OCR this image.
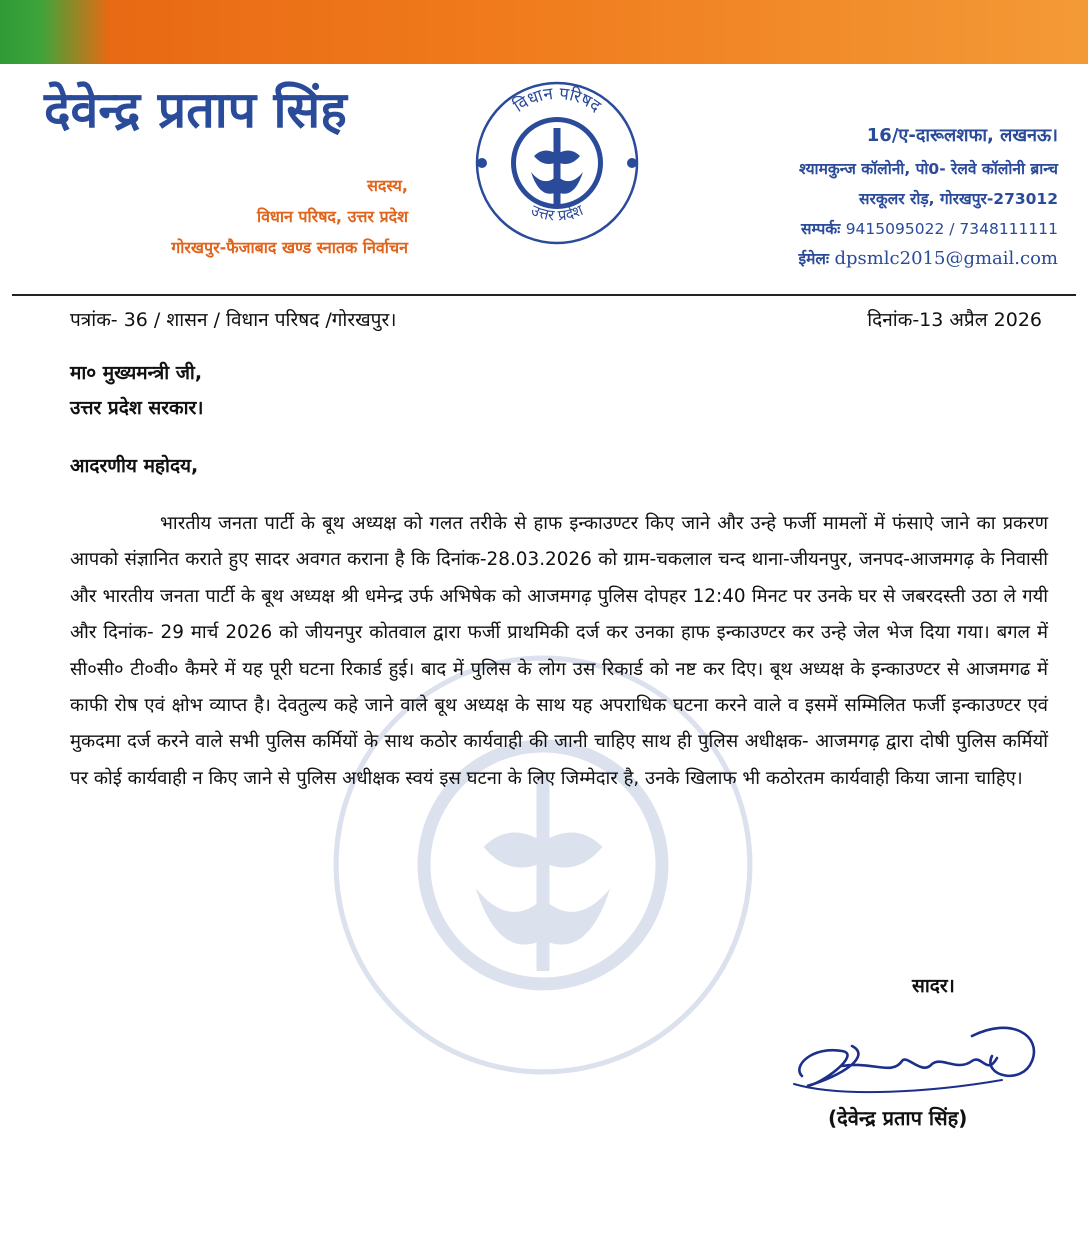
देवेन्द्र प्रताप सिंह
सदस्य,
विधान परिषद, उत्तर प्रदेश
गोरखपुर-फैजाबाद खण्ड स्नातक निर्वाचन
विधान परिषद
उत्तर प्रदेश
16/ए-दारूलशफा, लखनऊ।
श्यामकुन्ज कॉलोनी, पो0- रेलवे कॉलोनी ब्रान्च
सरकूलर रोड़, गोरखपुर-273012
सम्पर्कः 9415095022 / 7348111111
ईमेलः dpsmlc2015@gmail.com
पत्रांक- 36 / शासन / विधान परिषद /गोरखपुर।	दिनांक-13 अप्रैल 2026
मा० मुख्यमन्त्री जी,
उत्तर प्रदेश सरकार।
आदरणीय महोदय,
भारतीय जनता पार्टी के बूथ अध्यक्ष को गलत तरीके से हाफ इन्काउण्टर किए जाने और उन्हे फर्जी मामलों में फंसाऐ जाने का प्रकरण आपको संज्ञानित कराते हुए सादर अवगत कराना है कि दिनांक-28.03.2026 को ग्राम-चकलाल चन्द थाना-जीयनपुर, जनपद-आजमगढ़ के निवासी और भारतीय जनता पार्टी के बूथ अध्यक्ष श्री धमेन्द्र उर्फ अभिषेक को आजमगढ़ पुलिस दोपहर 12:40 मिनट पर उनके घर से जबरदस्ती उठा ले गयी और दिनांक- 29 मार्च 2026 को जीयनपुर कोतवाल द्वारा फर्जी प्राथमिकी दर्ज कर उनका हाफ इन्काउण्टर कर उन्हे जेल भेज दिया गया। बगल में सी०सी० टी०वी० कैमरे में यह पूरी घटना रिकार्ड हुई। बाद में पुलिस के लोग उस रिकार्ड को नष्ट कर दिए। बूथ अध्यक्ष के इन्काउण्टर से आजमगढ में काफी रोष एवं क्षोभ व्याप्त है। देवतुल्य कहे जाने वाले बूथ अध्यक्ष के साथ यह अपराधिक घटना करने वाले व इसमें सम्मिलित फर्जी इन्काउण्टर एवं मुकदमा दर्ज करने वाले सभी पुलिस कर्मियों के साथ कठोर कार्यवाही की जानी चाहिए साथ ही पुलिस अधीक्षक- आजमगढ़ द्वारा दोषी पुलिस कर्मियों पर कोई कार्यवाही न किए जाने से पुलिस अधीक्षक स्वयं इस घटना के लिए जिम्मेदार है, उनके खिलाफ भी कठोरतम कार्यवाही किया जाना चाहिए।
सादर।
(देवेन्द्र प्रताप सिंह)
